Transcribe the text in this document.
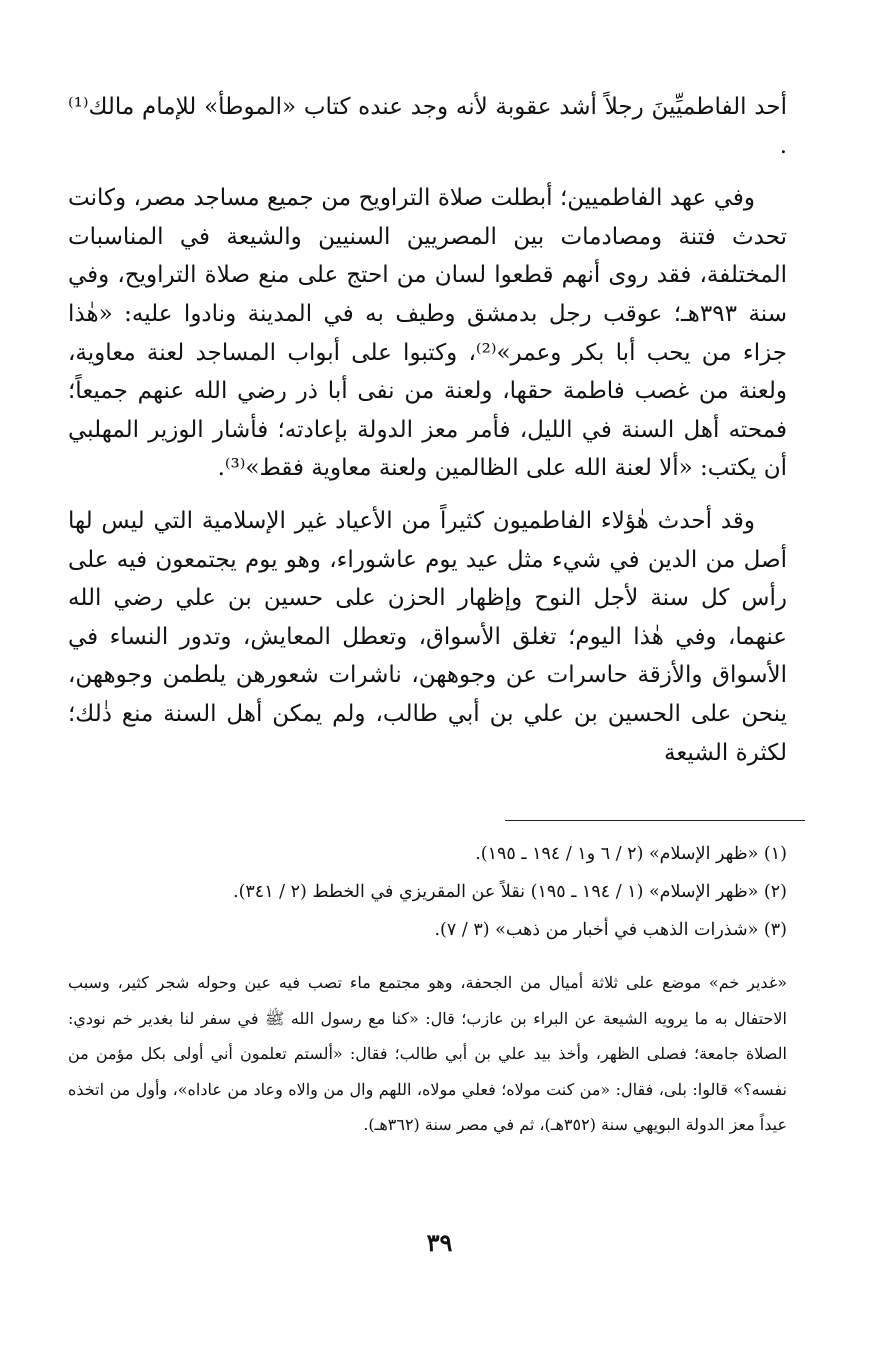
أحد الفاطميِّينَ رجلاً أشد عقوبة لأنه وجد عنده كتاب «الموطأ» للإمام مالك⁽¹⁾ .

وفي عهد الفاطميين؛ أبطلت صلاة التراويح من جميع مساجد مصر، وكانت تحدث فتنة ومصادمات بين المصريين السنيين والشيعة في المناسبات المختلفة، فقد روى أنهم قطعوا لسان من احتج على منع صلاة التراويح، وفي سنة ٣٩٣هـ؛ عوقب رجل بدمشق وطيف به في المدينة ونادوا عليه: «هٰذا جزاء من يحب أبا بكر وعمر»⁽²⁾، وكتبوا على أبواب المساجد لعنة معاوية، ولعنة من غصب فاطمة حقها، ولعنة من نفى أبا ذر رضي الله عنهم جميعاً؛ فمحته أهل السنة في الليل، فأمر معز الدولة بإعادته؛ فأشار الوزير المهلبي أن يكتب: «ألا لعنة الله على الظالمين ولعنة معاوية فقط»⁽³⁾.

وقد أحدث هٰؤلاء الفاطميون كثيراً من الأعياد غير الإسلامية التي ليس لها أصل من الدين في شيء مثل عيد يوم عاشوراء، وهو يوم يجتمعون فيه على رأس كل سنة لأجل النوح وإظهار الحزن على حسين بن علي رضي الله عنهما، وفي هٰذا اليوم؛ تغلق الأسواق، وتعطل المعايش، وتدور النساء في الأسواق والأزقة حاسرات عن وجوههن، ناشرات شعورهن يلطمن وجوههن، ينحن على الحسين بن علي بن أبي طالب، ولم يمكن أهل السنة منع ذٰلك؛ لكثرة الشيعة

(١) «ظهر الإسلام» (٢ / ٦ و١ / ١٩٤ ـ ١٩٥).

(٢) «ظهر الإسلام» (١ / ١٩٤ ـ ١٩٥) نقلاً عن المقريزي في الخطط (٢ / ٣٤١).

(٣) «شذرات الذهب في أخبار من ذهب» (٣ / ٧).

«غدير خم» موضع على ثلاثة أميال من الجحفة، وهو مجتمع ماء تصب فيه عين وحوله شجر كثير، وسبب الاحتفال به ما يرويه الشيعة عن البراء بن عازب؛ قال: «كنا مع رسول الله ﷺ في سفر لنا بغدير خم نودي: الصلاة جامعة؛ فصلى الظهر، وأخذ بيد علي بن أبي طالب؛ فقال: «ألستم تعلمون أني أولى بكل مؤمن من نفسه؟» قالوا: بلى، فقال: «من كنت مولاه؛ فعلي مولاه، اللهم وال من والاه وعاد من عاداه»، وأول من اتخذه عيداً معز الدولة البويهي سنة (٣٥٢هـ)، ثم في مصر سنة (٣٦٢هـ).

٣٩
